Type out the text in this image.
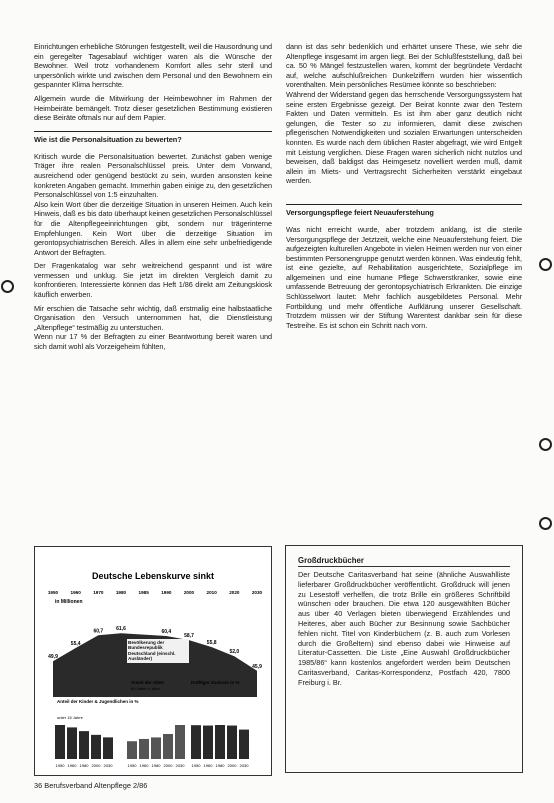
Einrichtungen erhebliche Störungen festgestellt, weil die Hausordnung und ein geregelter Tagesablauf wichtiger waren als die Wünsche der Bewohner. Weil trotz vorhandenem Komfort alles sehr steril und unpersönlich wirkte und zwischen dem Personal und den Bewohnern ein gespannter Klima herrschte.

Allgemein wurde die Mitwirkung der Heimbewohner im Rahmen der Heimbeiräte bemängelt. Trotz dieser gesetzlichen Bestimmung existieren diese Beiräte oftmals nur auf dem Papier.

Wie ist die Personalsituation zu bewerten?

Kritisch wurde die Personalsituation bewertet. Zunächst gaben wenige Träger ihre realen Personalschlüssel preis. Unter dem Vorwand, ausreichend oder genügend bestückt zu sein, wurden ansonsten keine konkreten Angaben gemacht. Immerhin gaben einige zu, den gesetzlichen Personalschlüssel von 1:5 einzuhalten.

Also kein Wort über die derzeitige Situation in unseren Heimen. Auch kein Hinweis, daß es bis dato überhaupt keinen gesetzlichen Personalschlüssel für die Altenpflegeeinrichtungen gibt, sondern nur trägerinterne Empfehlungen. Kein Wort über die derzeitige Situation im gerontopsychiatrischen Bereich. Alles in allem eine sehr unbefriedigende Antwort der Befragten.

Der Fragenkatalog war sehr weitreichend gespannt und ist wäre vermessen und unklug. Sie jetzt im direkten Vergleich damit zu konfrontieren. Interessierte können das Heft 1/86 direkt am Zeitungskiosk käuflich erwerben.

Mir erschien die Tatsache sehr wichtig, daß erstmalig eine halbstaatliche Organisation den Versuch unternommen hat, die Dienstleistung „Altenpflege“ testmäßig zu unterstuchen.

Wenn nur 17 % der Befragten zu einer Beantwortung bereit waren und sich damit wohl als Vorzeigeheim fühlten,

dann ist das sehr bedenklich und erhärtet unsere These, wie sehr die Altenpflege insgesamt im argen liegt. Bei der Schlußfeststellung, daß bei ca. 50 % Mängel festzustellen waren, kommt der begründete Verdacht auf, welche aufschlußreichen Dunkelziffern wurden hier wissentlich vorenthalten. Mein persönliches Resümee könnte so beschrieben:

Während der Widerstand gegen das herrschende Versorgungssystem hat seine ersten Ergebnisse gezeigt. Der Beirat konnte zwar den Testern Fakten und Daten vermitteln. Es ist ihm aber ganz deutlich nicht gelungen, die Tester so zu informieren, damit diese zwischen pflegerischen Notwendigkeiten und sozialen Erwartungen unterscheiden konnten. Es wurde nach dem üblichen Raster abgefragt, wie wird Entgelt mit Leistung verglichen. Diese Fragen waren sicherlich nicht nutzlos und beweisen, daß baldigst das Heimgesetz novelliert werden muß, damit allein im Miets- und Vertragsrecht Sicherheiten verstärkt eingebaut werden.

Versorgungspflege feiert Neuauferstehung

Was nicht erreicht wurde, aber trotzdem anklang, ist die sterile Versorgungspflege der Jetztzeit, welche eine Neuauferstehung feiert. Die aufgezeigten kulturellen Angebote in vielen Heimen werden nur von einer bestimmten Personengruppe genutzt werden können. Was eindeutig fehlt, ist eine gezielte, auf Rehabilitation ausgerichtete, Sozialpflege im allgemeinen und eine humane Pflege Schwerstkranker, sowie eine umfassende Betreuung der gerontopsychiatrisch Erkrankten. Die einzige Schlüsselwort lautet: Mehr fachlich ausgebildetes Personal. Mehr Fortbildung und mehr öffentliche Aufklärung unserer Gesellschaft. Trotzdem müssen wir der Stiftung Warentest dankbar sein für diese Testreihe. Es ist schon ein Schritt nach vorn.

Deutsche Lebenskurve sinkt
49,9
55,4
60,7	61,6	60,4
58,7
55,8
52,0
45,9
in Millionen
1950	1960	1970	1980	1985	1990	2000	2010	2020	2030
1950 1960 1980 2000 2030	1950 1960 1980 2000 2030 1950 1960 1980 2000 2030
Bevölkerung der Bundesrepublik Deutschland (einschl. Ausländer)
Anteil der Kinder & Jugendlichen in %
unter 15 Jahre
Anteil der Alten
60 Jahre u. älter
Kräftiger Zustrom in %
Großdruckbücher
Der Deutsche Caritasverband hat seine (ähnliche Auswahlliste lieferbarer Großdruckbücher veröffentlicht. Großdruck will jenen zu Lesestoff verhelfen, die trotz Brille ein größeres Schriftbild wünschen oder brauchen. Die etwa 120 ausgewählten Bücher aus über 40 Verlagen bieten überwiegend Erzählendes und Heiteres, aber auch Bücher zur Besinnung sowie Sachbücher fehlen nicht. Titel von Kinderbüchern (z. B. auch zum Vorlesen durch die Großeltern) sind ebenso dabei wie Hinweise auf Literatur-Cassetten. Die Liste „Eine Auswahl Großdruckbücher 1985/86“ kann kostenlos angefordert werden beim Deutschen Caritasverband, Caritas-Korrespondenz, Postfach 420, 7800 Freiburg i. Br.
36 Berufsverband Altenpflege 2/86
